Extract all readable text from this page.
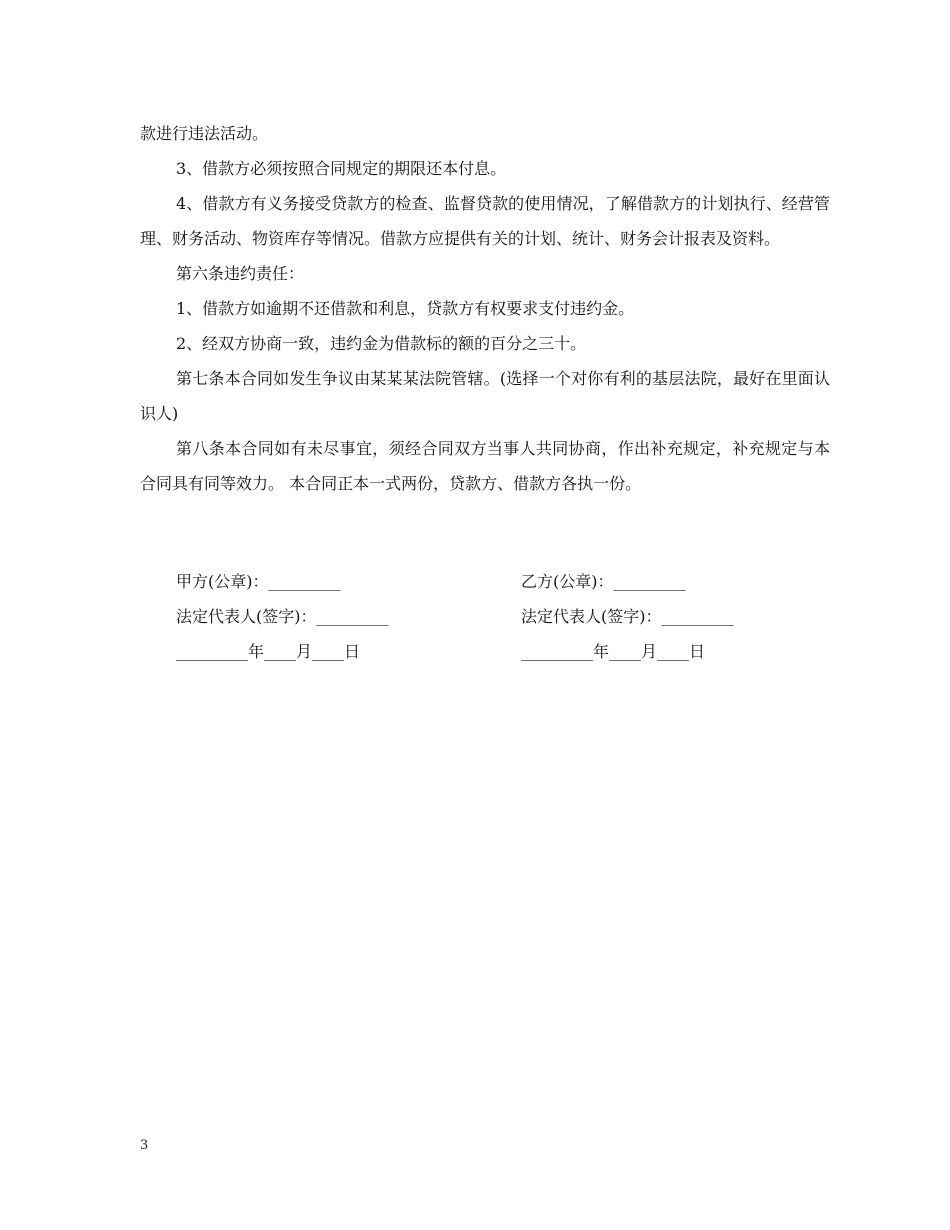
款进行违法活动。

3、借款方必须按照合同规定的期限还本付息。

4、借款方有义务接受贷款方的检查、监督贷款的使用情况，了解借款方的计划执行、经营管理、财务活动、物资库存等情况。借款方应提供有关的计划、统计、财务会计报表及资料。

第六条违约责任：

1、借款方如逾期不还借款和利息，贷款方有权要求支付违约金。

2、经双方协商一致，违约金为借款标的额的百分之三十。

第七条本合同如发生争议由某某某法院管辖。(选择一个对你有利的基层法院，最好在里面认识人)

第八条本合同如有未尽事宜，须经合同双方当事人共同协商，作出补充规定，补充规定与本合同具有同等效力。 本合同正本一式两份，贷款方、借款方各执一份。

甲方(公章)：_________	乙方(公章)：_________
法定代表人(签字)：_________	法定代表人(签字)：_________
_________年____月____日	_________年____月____日
3
